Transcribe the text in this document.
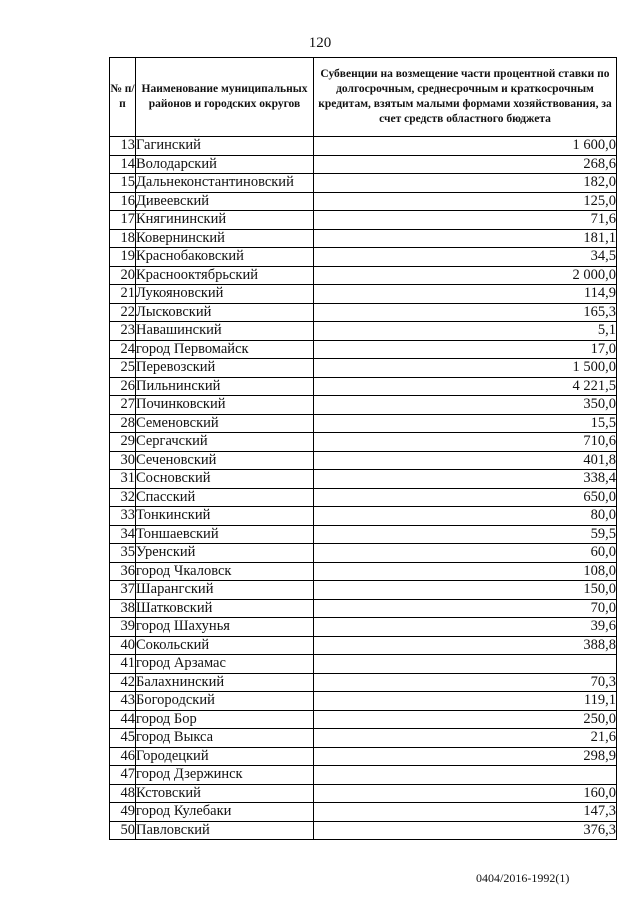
120
№ п/п	Наименование муниципальных районов и городских округов	Субвенции на возмещение части процентной ставки по долгосрочным, среднесрочным и краткосрочным кредитам, взятым малыми формами хозяйствования, за счет средств областного бюджета
13	Гагинский	1 600,0
14	Володарский	268,6
15	Дальнеконстантиновский	182,0
16	Дивеевский	125,0
17	Княгининский	71,6
18	Ковернинский	181,1
19	Краснобаковский	34,5
20	Краснооктябрьский	2 000,0
21	Лукояновский	114,9
22	Лысковский	165,3
23	Навашинский	5,1
24	город Первомайск	17,0
25	Перевозский	1 500,0
26	Пильнинский	4 221,5
27	Починковский	350,0
28	Семеновский	15,5
29	Сергачский	710,6
30	Сеченовский	401,8
31	Сосновский	338,4
32	Спасский	650,0
33	Тонкинский	80,0
34	Тоншаевский	59,5
35	Уренский	60,0
36	город Чкаловск	108,0
37	Шарангский	150,0
38	Шатковский	70,0
39	город Шахунья	39,6
40	Сокольский	388,8
41	город Арзамас	
42	Балахнинский	70,3
43	Богородский	119,1
44	город Бор	250,0
45	город Выкса	21,6
46	Городецкий	298,9
47	город Дзержинск	
48	Кстовский	160,0
49	город Кулебаки	147,3
50	Павловский	376,3
0404/2016-1992(1)
